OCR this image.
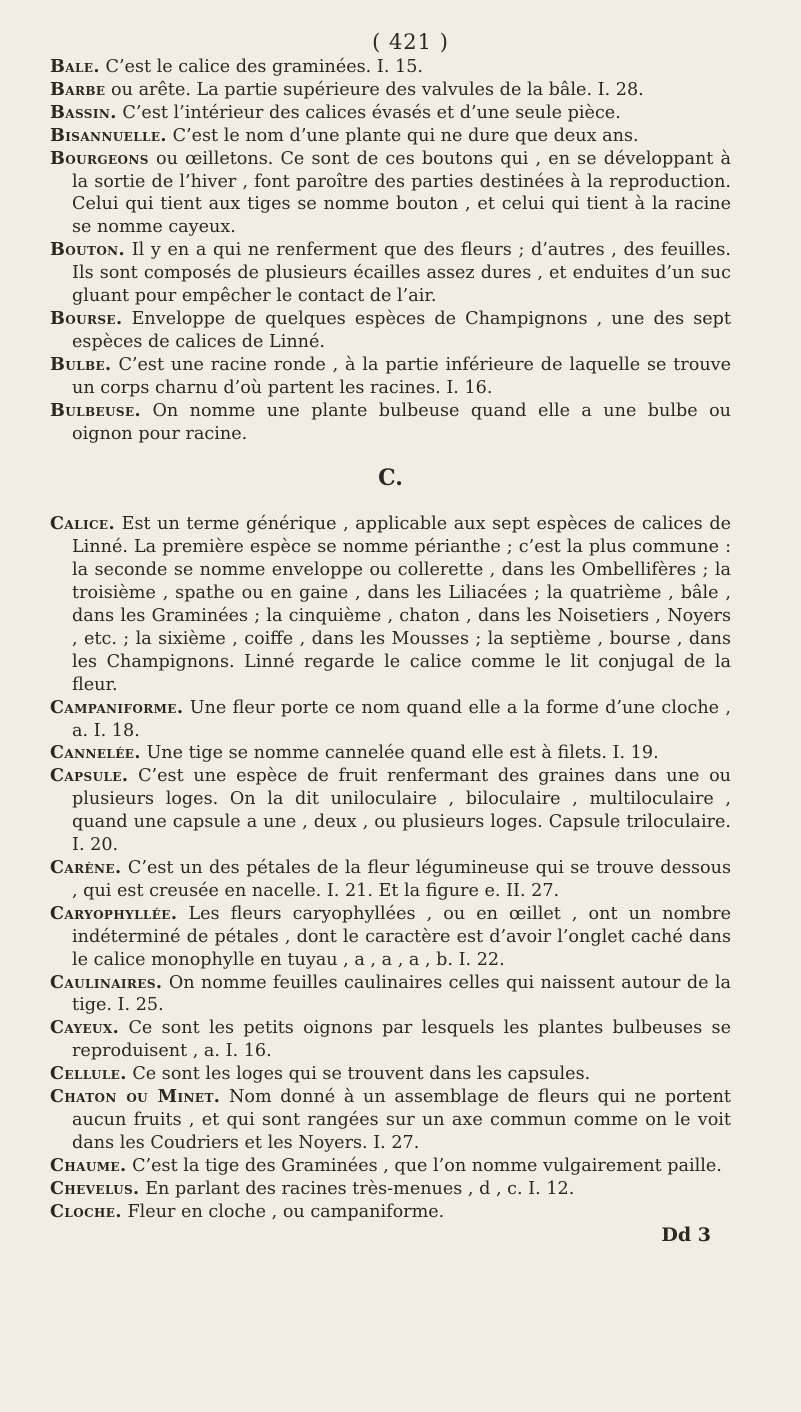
( 421 )

Bale. C’est le calice des graminées. I. 15.

Barbe ou arête. La partie supérieure des valvules de la bâle. I. 28.

Bassin. C’est l’intérieur des calices évasés et d’une seule pièce.

Bisannuelle. C’est le nom d’une plante qui ne dure que deux ans.

Bourgeons ou œilletons. Ce sont de ces boutons qui , en se développant à la sortie de l’hiver , font paroître des parties destinées à la reproduction. Celui qui tient aux tiges se nomme bouton , et celui qui tient à la racine se nomme cayeux.

Bouton. Il y en a qui ne renferment que des fleurs ; d’autres , des feuilles. Ils sont composés de plusieurs écailles assez dures , et enduites d’un suc gluant pour empêcher le contact de l’air.

Bourse. Enveloppe de quelques espèces de Champignons , une des sept espèces de calices de Linné.

Bulbe. C’est une racine ronde , à la partie inférieure de laquelle se trouve un corps charnu d’où partent les racines. I. 16.

Bulbeuse. On nomme une plante bulbeuse quand elle a une bulbe ou oignon pour racine.

C.

Calice. Est un terme générique , applicable aux sept espèces de calices de Linné. La première espèce se nomme périanthe ; c’est la plus commune : la seconde se nomme enveloppe ou collerette , dans les Ombellifères ; la troisième , spathe ou en gaine , dans les Liliacées ; la quatrième , bâle , dans les Graminées ; la cinquième , chaton , dans les Noisetiers , Noyers , etc. ; la sixième , coiffe , dans les Mousses ; la septième , bourse , dans les Champignons. Linné regarde le calice comme le lit conjugal de la fleur.

Campaniforme. Une fleur porte ce nom quand elle a la forme d’une cloche , a. I. 18.

Cannelée. Une tige se nomme cannelée quand elle est à filets. I. 19.

Capsule. C’est une espèce de fruit renfermant des graines dans une ou plusieurs loges. On la dit uniloculaire , biloculaire , multiloculaire , quand une capsule a une , deux , ou plusieurs loges. Capsule triloculaire. I. 20.

Carène. C’est un des pétales de la fleur légumineuse qui se trouve dessous , qui est creusée en nacelle. I. 21. Et la figure e. II. 27.

Caryophyllée. Les fleurs caryophyllées , ou en œillet , ont un nombre indéterminé de pétales , dont le caractère est d’avoir l’onglet caché dans le calice monophylle en tuyau , a , a , a , b. I. 22.

Caulinaires. On nomme feuilles caulinaires celles qui naissent autour de la tige. I. 25.

Cayeux. Ce sont les petits oignons par lesquels les plantes bulbeuses se reproduisent , a. I. 16.

Cellule. Ce sont les loges qui se trouvent dans les capsules.

Chaton ou Minet. Nom donné à un assemblage de fleurs qui ne portent aucun fruits , et qui sont rangées sur un axe commun comme on le voit dans les Coudriers et les Noyers. I. 27.

Chaume. C’est la tige des Graminées , que l’on nomme vulgairement paille.

Chevelus. En parlant des racines très-menues , d , c. I. 12.

Cloche. Fleur en cloche , ou campaniforme.

Dd 3
